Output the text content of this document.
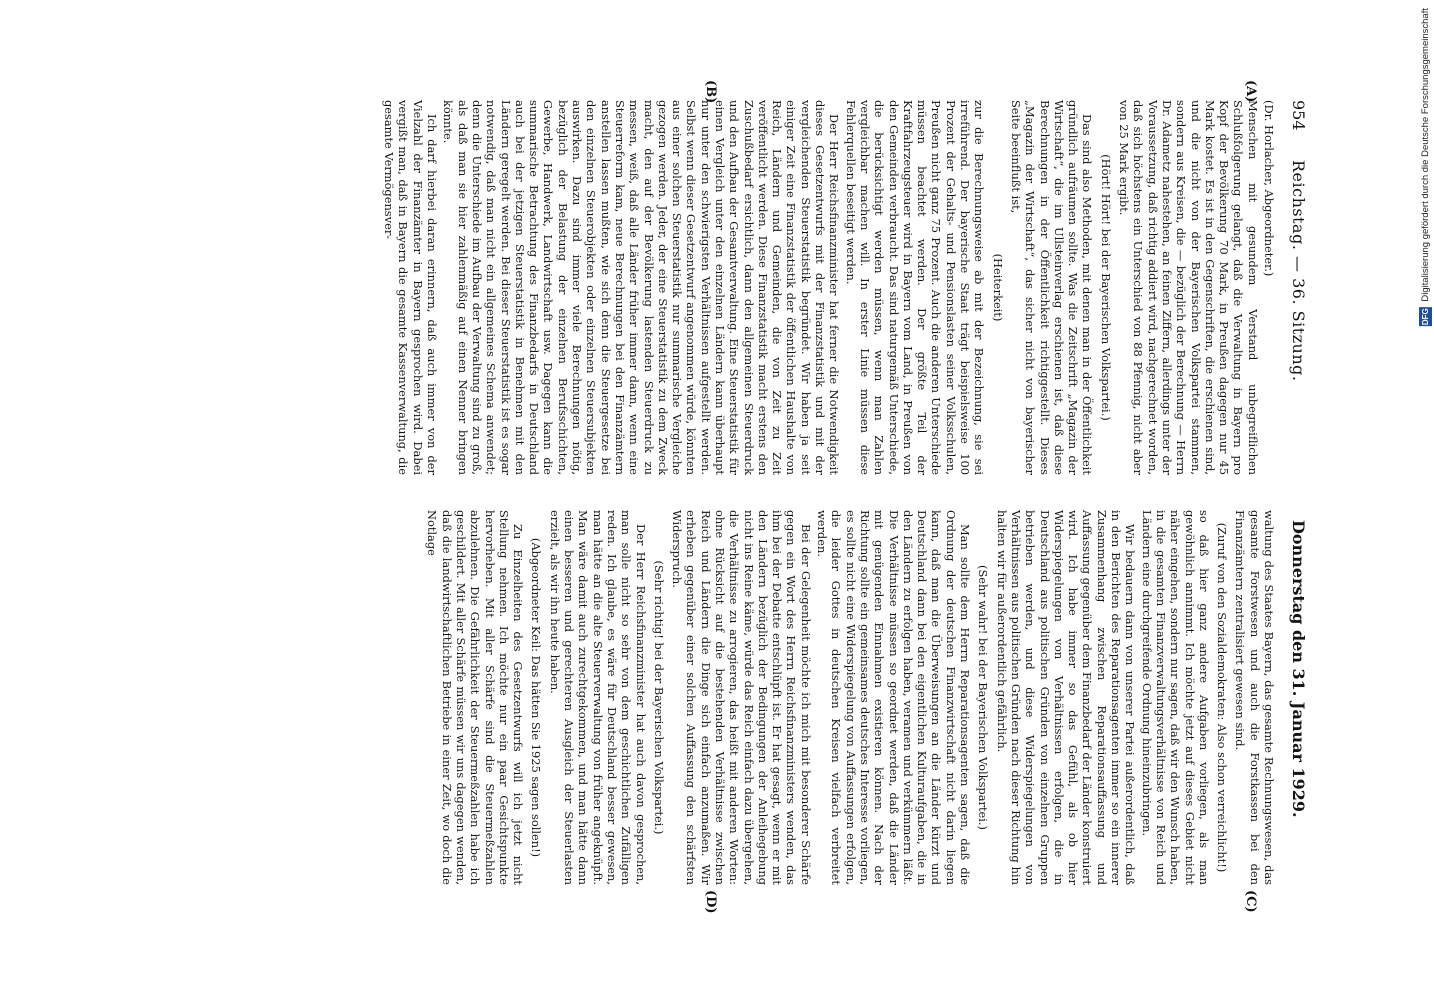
954
Reichstag. — 36. Sitzung.
Donnerstag den 31. Januar 1929.
(A)
(B)
(C)
(D)

(Dr. Horlacher, Abgeordneter.)

Menschen mit gesundem Verstand unbegreiflichen Schlußfolgerung gelangt, daß die Verwaltung in Bayern pro Kopf der Bevölkerung 70 Mark, in Preußen dagegen nur 45 Mark kostet. Es ist in den Gegenschriften, die erschienen sind, und die nicht von der Bayerischen Volkspartei stammen, sondern aus Kreisen, die — bezüglich der Berechnung — Herrn Dr. Adametz nahestehen, an feinen Ziffern, allerdings unter der Voraussetzung, daß richtig addiert wird, nachgerechnet worden, daß sich höchstens ein Unterschied von 88 Pfennig, nicht aber von 25 Mark ergibt.

(Hört! Hört! bei der Bayerischen Volkspartei.)

Das sind also Methoden, mit denen man in der Öffentlichkeit gründlich aufräumen sollte. Was die Zeitschrift „Magazin der Wirtschaft“, die im Ullsteinverlag erschienen ist, daß diese Berechnungen in der Öffentlichkeit richtiggestellt. Dieses „Magazin der Wirtschaft“, das sicher nicht von bayerischer Seite beeinflußt ist,

(Heiterkeit)

zur die Berechnungsweise ab mit der Bezeichnung, sie sei irreführend. Der bayerische Staat trägt beispielsweise 100 Prozent der Gehalts- und Pensionslasten seiner Volksschulen, Preußen nicht ganz 75 Prozent. Auch die anderen Unterschiede müssen beachtet werden. Der größte Teil der Kraftfahrzeugsteuer wird in Bayern vom Land, in Preußen von den Gemeinden verbraucht. Das sind naturgemäß Unterschiede, die berücksichtigt werden müssen, wenn man Zahlen vergleichbar machen will. In erster Linie müssen diese Fehlerquellen beseitigt werden.

Der Herr Reichsfinanzminister hat ferner die Notwendigkeit dieses Gesetzentwurfs mit der Finanzstatistik und mit der vergleichenden Steuerstatistik begründet. Wir haben ja seit einiger Zeit eine Finanzstatistik der öffentlichen Haushalte von Reich, Ländern und Gemeinden, die von Zeit zu Zeit veröffentlicht werden. Diese Finanzstatistik macht erstens den Zuschußbedarf ersichtlich, dann den allgemeinen Steuerdruck und den Aufbau der Gesamtverwaltung. Eine Steuerstatistik für einen Vergleich unter den einzelnen Ländern kann überhaupt nur unter den schwierigsten Verhältnissen aufgestellt werden. Selbst wenn dieser Gesetzentwurf angenommen würde, könnten aus einer solchen Steuerstatistik nur summarische Vergleiche gezogen werden. Jeder, der eine Steuerstatistik zu dem Zweck macht, den auf der Bevölkerung lastenden Steuerdruck zu messen, weiß, daß alle Länder früher immer dann, wenn eine Steuerreform kam, neue Berechnungen bei den Finanzämtern anstellen lassen mußten, wie sich denn die Steuergesetze bei den einzelnen Steuerobjekten oder einzelnen Steuersubjekten auswirken. Dazu sind immer viele Berechnungen nötig, bezüglich der Belastung der einzelnen Berufsschichten, Gewerbe, Handwerk, Landwirtschaft usw. Dagegen kann die summarische Betrachtung des Finanzbedarfs in Deutschland auch bei der jetzigen Steuerstatistik in Benehmen mit den Ländern geregelt werden. Bei dieser Steuerstatistik ist es sogar notwendig, daß man nicht ein allgemeines Schema anwendet; denn die Unterschiede im Aufbau der Verwaltung sind zu groß, als daß man sie hier zahlenmäßig auf einen Nenner bringen könnte.

Ich darf hierbei daran erinnern, daß auch immer von der Vielzahl der Finanzämter in Bayern gesprochen wird. Dabei vergißt man, daß in Bayern die gesamte Kassenverwaltung, die gesamte Vermögensver-

waltung des Staates Bayern, das gesamte Rechnungswesen, das gesamte Forstwesen und auch die Forstkassen bei den Finanzämtern zentralisiert gewesen sind.

(Zuruf von den Sozialdemokraten: Also schon verreichlicht!)

so daß hier ganz andere Aufgaben vorliegen, als man gewöhnlich annimmt. Ich möchte jetzt auf dieses Gebiet nicht näher eingehen, sondern nur sagen, daß wir den Wunsch haben, in die gesamten Finanzverwaltungsverhältnisse von Reich und Ländern eine durchgreifende Ordnung hineinzubringen.

Wir bedauern dann von unserer Partei außerordentlich, daß in den Berichten des Reparationsagenten immer so ein innerer Zusammenhang zwischen Reparationsauffassung und Auffassung gegenüber dem Finanzbedarf der Länder konstruiert wird. Ich habe immer so das Gefühl, als ob hier Widerspiegelungen von Verhältnissen erfolgen, die in Deutschland aus politischen Gründen von einzelnen Gruppen betrieben werden, und diese Widerspiegelungen von Verhältnissen aus politischen Gründen nach dieser Richtung hin halten wir für außerordentlich gefährlich.

(Sehr wahr! bei der Bayerischen Volkspartei.)

Man sollte dem Herrn Reparationsagenten sagen, daß die Ordnung der deutschen Finanzwirtschaft nicht darin liegen kann, daß man die Überweisungen an die Länder kürzt und Deutschland dann bei den eigentlichen Kulturaufgaben, die in den Ländern zu erfolgen haben, veramen und verkümmern läßt. Die Verhältnisse müssen so geordnet werden, daß die Länder mit genügenden Einnahmen existieren können. Nach der Richtung sollte ein gemeinsames deutsches Interesse vorliegen, es sollte nicht eine Widerspiegelung von Auffassungen erfolgen, die leider Gottes in deutschen Kreisen vielfach verbreitet werden.

Bei der Gelegenheit möchte ich mich mit besonderer Schärfe gegen ein Wort des Herrn Reichsfinanzministers wenden, das ihm bei der Debatte entschlüpft ist. Er hat gesagt, wenn er mit den Ländern bezüglich der Bedingungen der Anleihegebung nicht ins Reine käme, würde das Reich einfach dazu übergehen, die Verhältnisse zu arrogieren, das heißt mit anderen Worten: ohne Rücksicht auf die bestehenden Verhältnisse zwischen Reich und Ländern die Dinge sich einfach anzumaßen. Wir erheben gegenüber einer solchen Auffassung den schärfsten Widerspruch.

(Sehr richtig! bei der Bayerischen Volkspartei.)

Der Herr Reichsfinanzminister hat auch davon gesprochen, man solle nicht so sehr von dem geschichtlichen Zufälligen reden. Ich glaube, es wäre für Deutschland besser gewesen, man hätte an die alte Steuerverwaltung von früher angeknüpft. Man wäre damit auch zurechtgekommen, und man hätte dann einen besseren und gerechteren Ausgleich der Steuerlasten erzielt, als wir ihn heute haben.

(Abgeordneter Keil: Das hätten Sie 1925 sagen sollen!)

Zu Einzelheiten des Gesetzentwurfs will ich jetzt nicht Stellung nehmen. Ich möchte nur ein paar Gesichtspunkte hervorheben. Mit aller Schärfe sind die Steuermeßzahlen abzulehnen. Die Gefährlichkeit der Steuermeßzahlen habe ich geschildert. Mit aller Schärfe müssen wir uns dagegen wenden, daß die landwirtschaftlichen Betriebe in einer Zeit, wo doch die Notlage

DFG Digitalisierung gefördert durch die Deutsche Forschungsgemeinschaft
